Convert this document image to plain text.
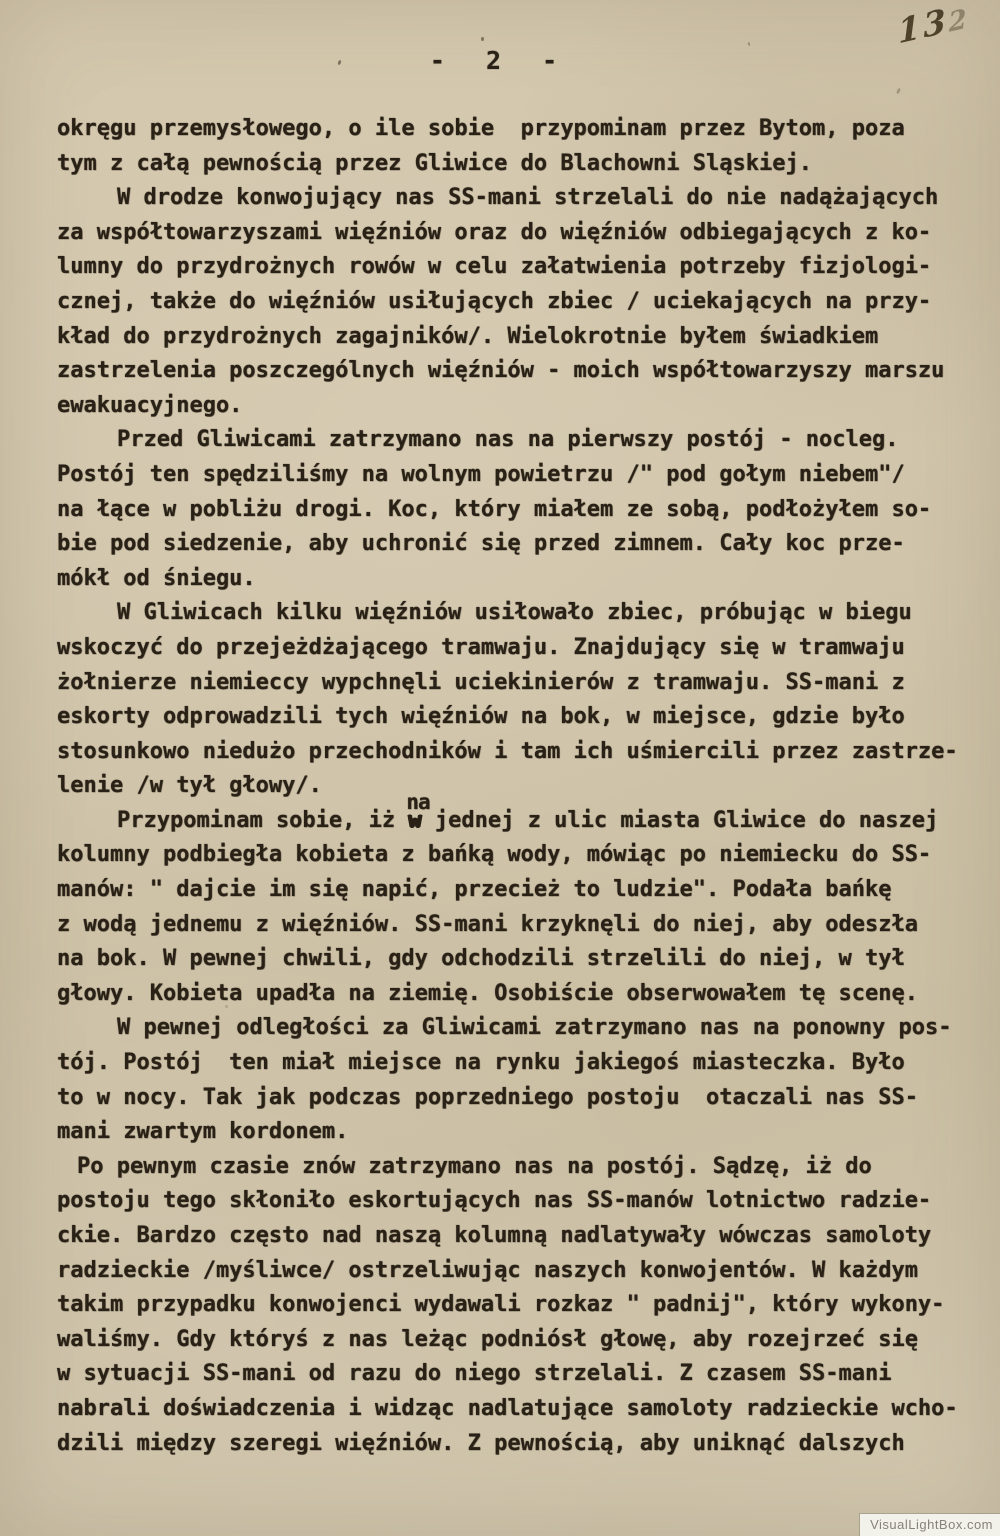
- 2 -
132
okręgu przemysłowego, o ile sobie  przypominam przez Bytom, poza
tym z całą pewnością przez Gliwice do Blachowni Sląskiej.
W drodze konwojujący nas SS-mani strzelali do nie nadążających
za współtowarzyszami więźniów oraz do więźniów odbiegających z ko-
lumny do przydrożnych rowów w celu załatwienia potrzeby fizjologi-
cznej, także do więźniów usiłujących zbiec / uciekających na przy-
kład do przydrożnych zagajników/. Wielokrotnie byłem świadkiem
zastrzelenia poszczególnych więźniów - moich współtowarzyszy marszu
ewakuacyjnego.
Przed Gliwicami zatrzymano nas na pierwszy postój - nocleg.
Postój ten spędziliśmy na wolnym powietrzu /" pod gołym niebem"/
na łące w pobliżu drogi. Koc, który miałem ze sobą, podłożyłem so-
bie pod siedzenie, aby uchronić się przed zimnem. Cały koc prze-
mókł od śniegu.
W Gliwicach kilku więźniów usiłowało zbiec, próbując w biegu
wskoczyć do przejeżdżającego tramwaju. Znajdujący się w tramwaju
żołnierze niemieccy wypchnęli uciekinierów z tramwaju. SS-mani z
eskorty odprowadzili tych więźniów na bok, w miejsce, gdzie było
stosunkowo niedużo przechodników i tam ich uśmiercili przez zastrze-
lenie /w tył głowy/.
Przypominam sobie, iż w
na
jednej z ulic miasta Gliwice do naszej
kolumny podbiegła kobieta z bańką wody, mówiąc po niemiecku do SS-
manów: " dajcie im się napić, przecież to ludzie". Podała bańkę
z wodą jednemu z więźniów. SS-mani krzyknęli do niej, aby odeszła
na bok. W pewnej chwili, gdy odchodzili strzelili do niej, w tył
głowy. Kobieta upadła na ziemię. Osobiście obserwowałem tę scenę.
W pewnej odległości za Gliwicami zatrzymano nas na ponowny pos-
tój. Postój  ten miał miejsce na rynku jakiegoś miasteczka. Było
to w nocy. Tak jak podczas poprzedniego postoju  otaczali nas SS-
mani zwartym kordonem.
Po pewnym czasie znów zatrzymano nas na postój. Sądzę, iż do
postoju tego skłoniło eskortujących nas SS-manów lotnictwo radzie-
ckie. Bardzo często nad naszą kolumną nadlatywały wówczas samoloty
radzieckie /myśliwce/ ostrzeliwując naszych konwojentów. W każdym
takim przypadku konwojenci wydawali rozkaz " padnij", który wykony-
waliśmy. Gdy któryś z nas leżąc podniósł głowę, aby rozejrzeć się
w sytuacji SS-mani od razu do niego strzelali. Z czasem SS-mani
nabrali doświadczenia i widząc nadlatujące samoloty radzieckie wcho-
dzili między szeregi więźniów. Z pewnością, aby uniknąć dalszych
VisualLightBox.com
